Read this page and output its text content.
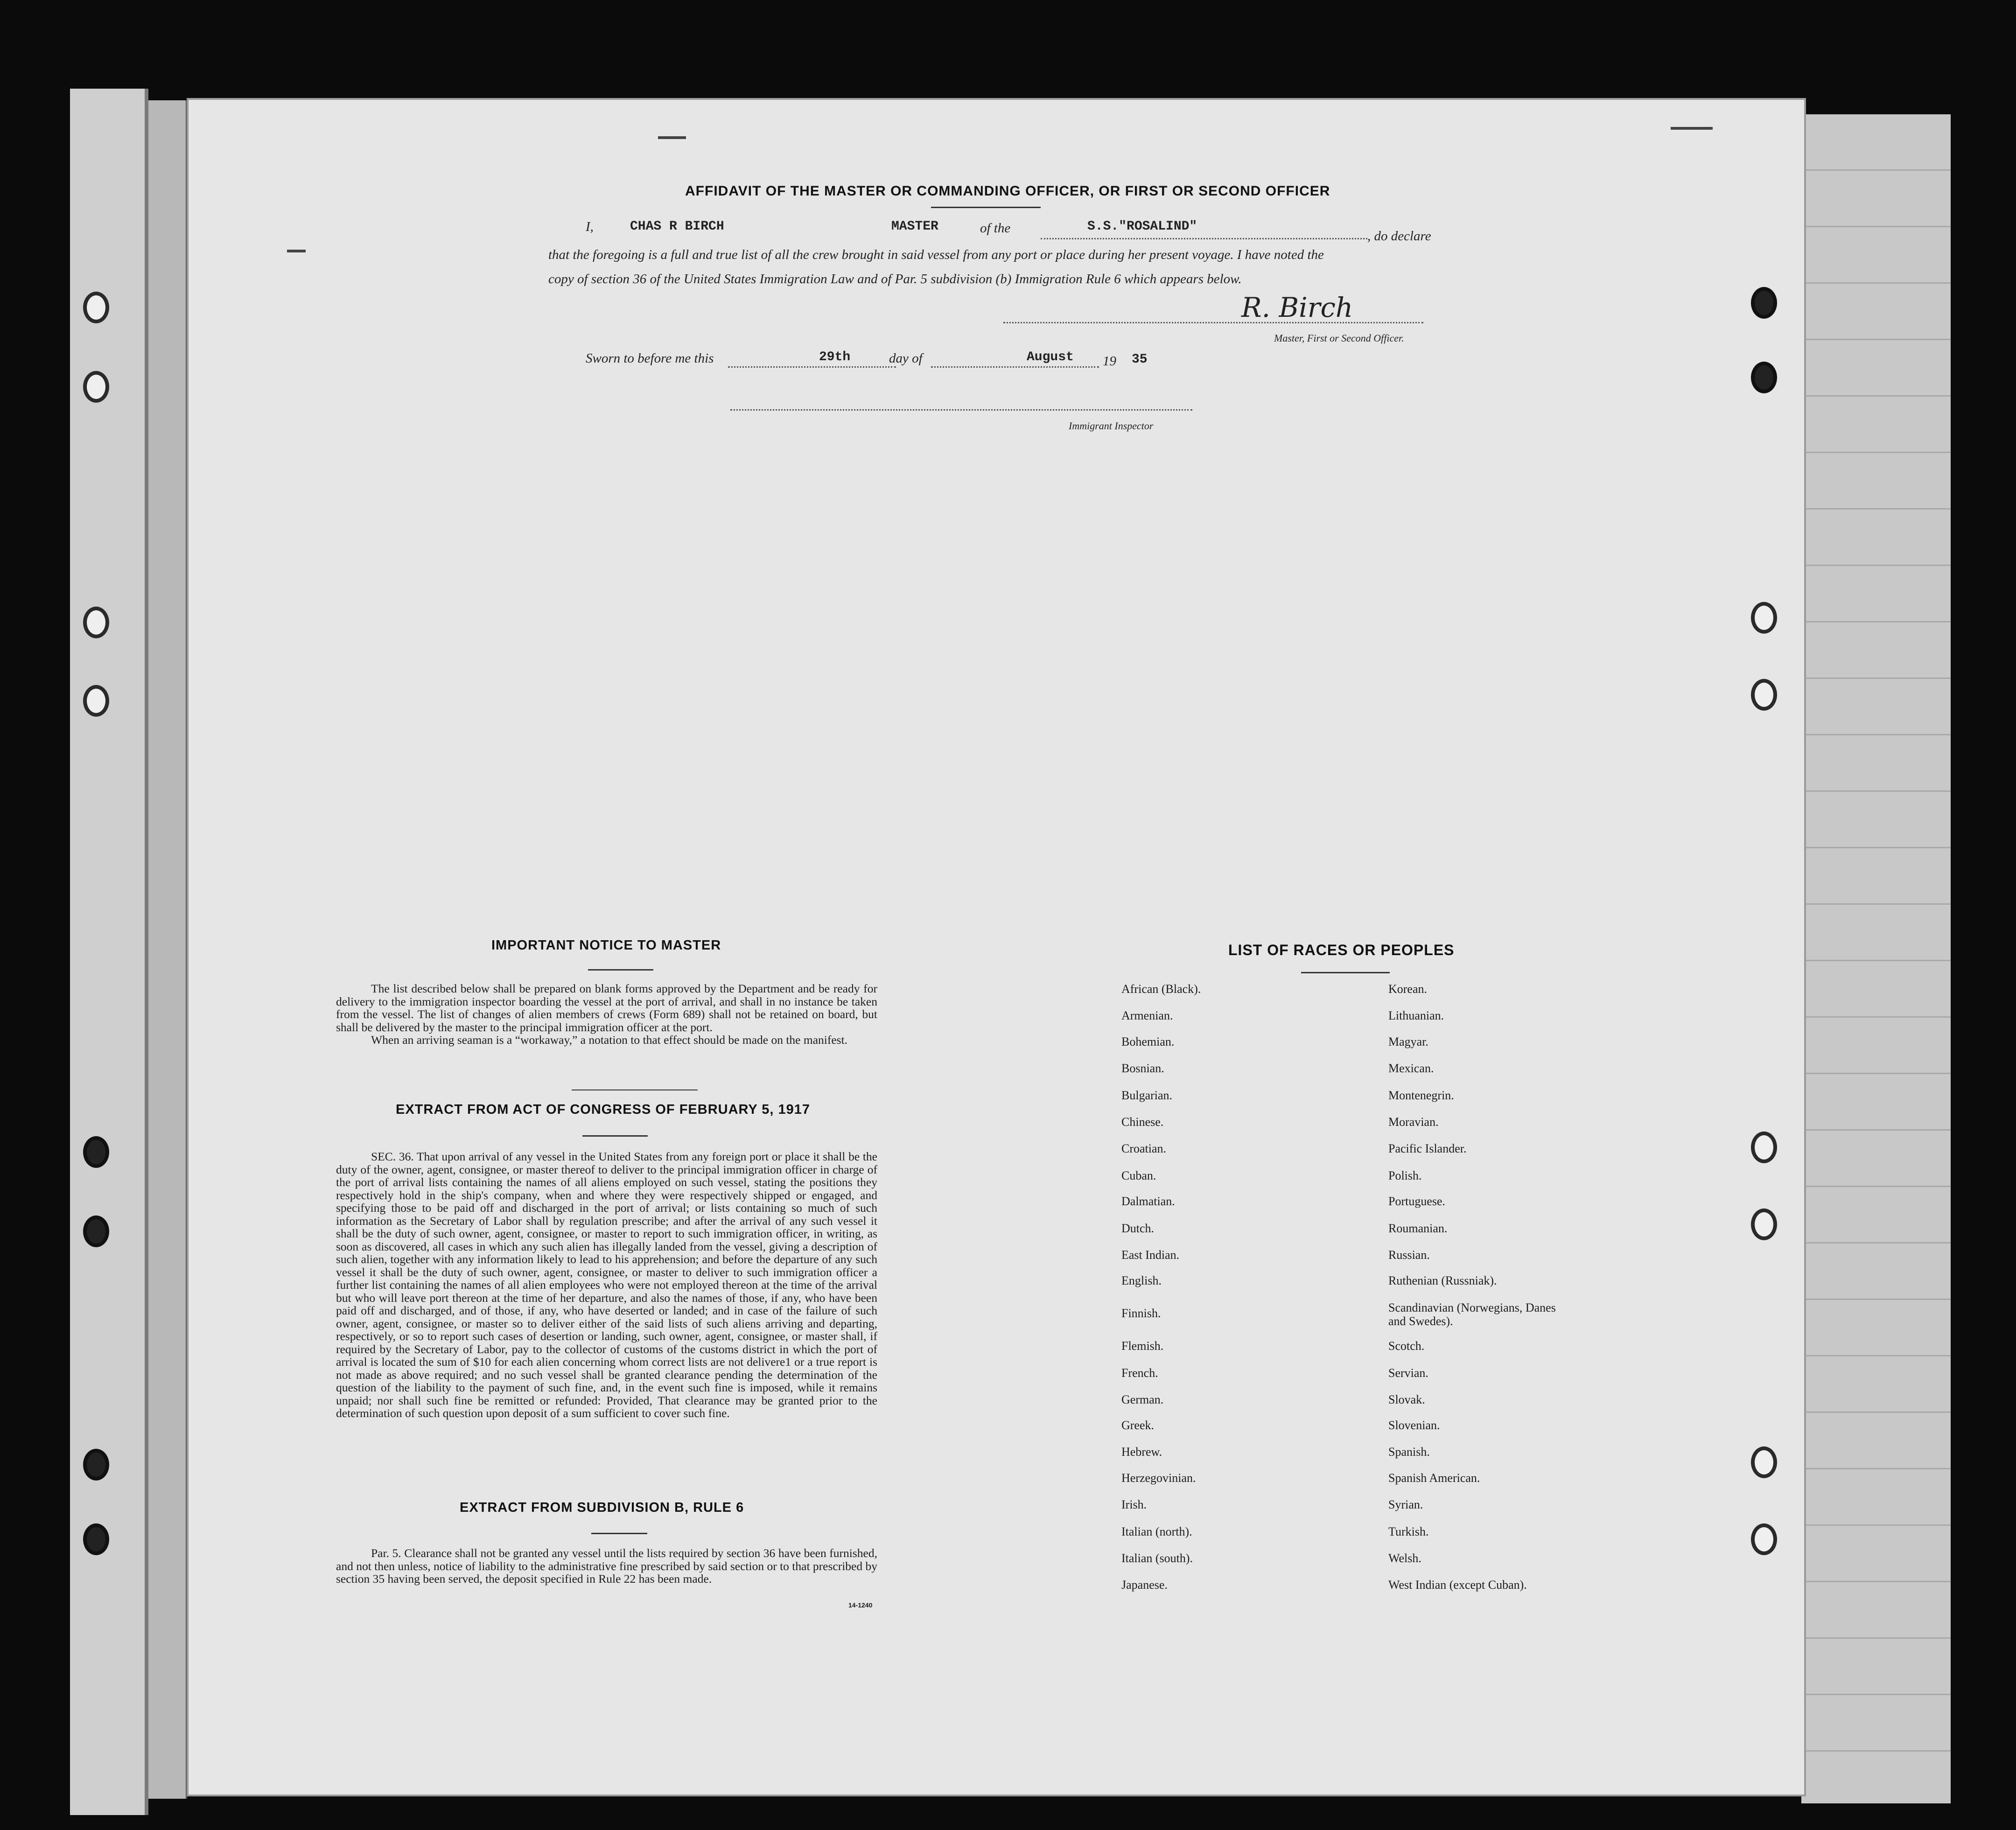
AFFIDAVIT OF THE MASTER OR COMMANDING OFFICER, OR FIRST OR SECOND OFFICER
I,	CHAS R BIRCH	MASTER	of the	S.S."ROSALIND"
, do declare
that the foregoing is a full and true list of all the crew brought in said vessel from any port or place during her present voyage. I have noted the
copy of section 36 of the United States Immigration Law and of Par. 5 subdivision (b) Immigration Rule 6 which appears below.
R. Birch
Master, First or Second Officer.
Sworn to before me this	29th	day of	August 19 35
Immigrant Inspector
IMPORTANT NOTICE TO MASTER

The list described below shall be prepared on blank forms approved by the Department and be ready for delivery to the immigration inspector boarding the vessel at the port of arrival, and shall in no instance be taken from the vessel. The list of changes of alien members of crews (Form 689) shall not be retained on board, but shall be delivered by the master to the principal immigration officer at the port.

When an arriving seaman is a “workaway,” a notation to that effect should be made on the manifest.

EXTRACT FROM ACT OF CONGRESS OF FEBRUARY 5, 1917

SEC. 36. That upon arrival of any vessel in the United States from any foreign port or place it shall be the duty of the owner, agent, consignee, or master thereof to deliver to the principal immigration officer in charge of the port of arrival lists containing the names of all aliens employed on such vessel, stating the positions they respectively hold in the ship's company, when and where they were respectively shipped or engaged, and specifying those to be paid off and discharged in the port of arrival; or lists containing so much of such information as the Secretary of Labor shall by regulation prescribe; and after the arrival of any such vessel it shall be the duty of such owner, agent, consignee, or master to report to such immigration officer, in writing, as soon as discovered, all cases in which any such alien has illegally landed from the vessel, giving a description of such alien, together with any information likely to lead to his apprehension; and before the departure of any such vessel it shall be the duty of such owner, agent, consignee, or master to deliver to such immigration officer a further list containing the names of all alien employees who were not employed thereon at the time of the arrival but who will leave port thereon at the time of her departure, and also the names of those, if any, who have been paid off and discharged, and of those, if any, who have deserted or landed; and in case of the failure of such owner, agent, consignee, or master so to deliver either of the said lists of such aliens arriving and departing, respectively, or so to report such cases of desertion or landing, such owner, agent, consignee, or master shall, if required by the Secretary of Labor, pay to the collector of customs of the customs district in which the port of arrival is located the sum of $10 for each alien concerning whom correct lists are not delivere1 or a true report is not made as above required; and no such vessel shall be granted clearance pending the determination of the question of the liability to the payment of such fine, and, in the event such fine is imposed, while it remains unpaid; nor shall such fine be remitted or refunded: Provided, That clearance may be granted prior to the determination of such question upon deposit of a sum sufficient to cover such fine.

EXTRACT FROM SUBDIVISION B, RULE 6

Par. 5. Clearance shall not be granted any vessel until the lists required by section 36 have been furnished, and not then unless, notice of liability to the administrative fine prescribed by said section or to that prescribed by section 35 having been served, the deposit specified in Rule 22 has been made.

14-1240
LIST OF RACES OR PEOPLES
African (Black).
Armenian.
Bohemian.
Bosnian.
Bulgarian.
Chinese.
Croatian.
Cuban.
Dalmatian.
Dutch.
East Indian.
English.
Finnish.
Flemish.
French.
German.
Greek.
Hebrew.
Herzegovinian.
Irish.
Italian (north).
Italian (south).
Japanese.
Korean.
Lithuanian.
Magyar.
Mexican.
Montenegrin.
Moravian.
Pacific Islander.
Polish.
Portuguese.
Roumanian.
Russian.
Ruthenian (Russniak).
Scandinavian (Norwegians, Danes and Swedes).
Scotch.
Servian.
Slovak.
Slovenian.
Spanish.
Spanish American.
Syrian.
Turkish.
Welsh.
West Indian (except Cuban).
